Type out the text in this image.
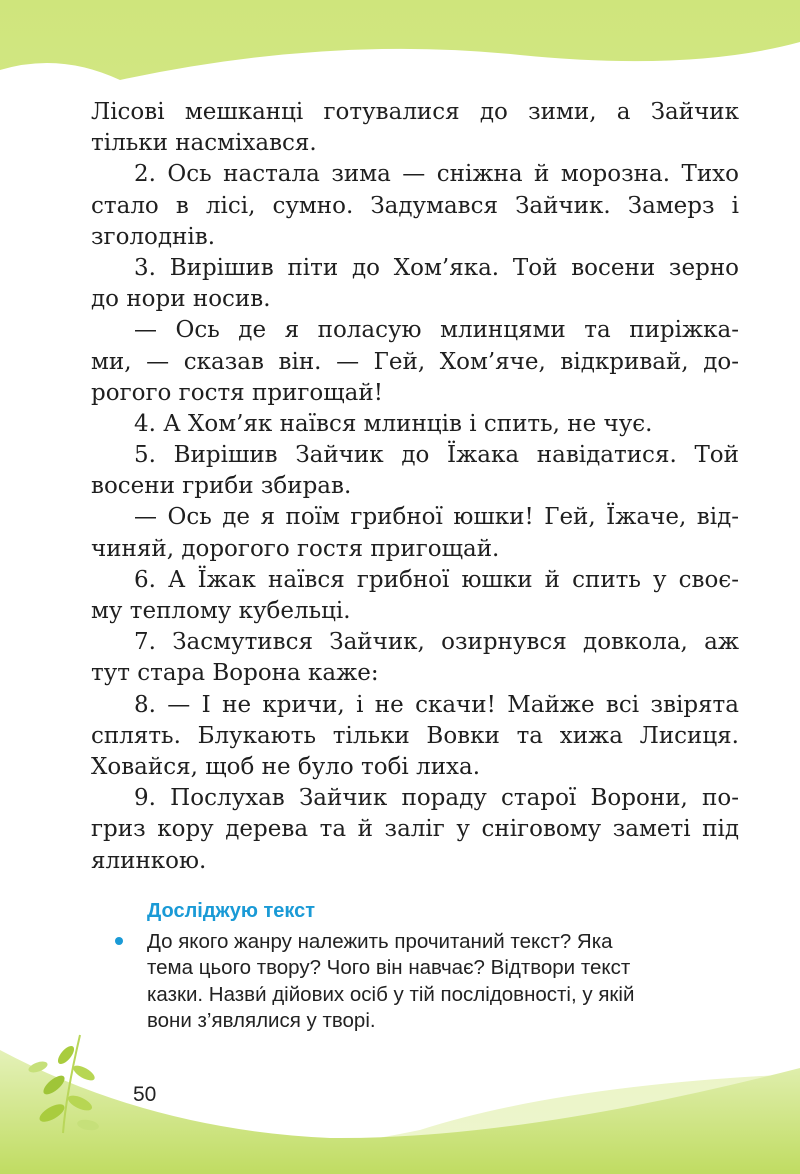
Лісові мешканці готувалися до зими, а Зайчик
тільки насміхався.
2. Ось настала зима — сніжна й морозна. Тихо
стало в лісі, сумно. Задумався Зайчик. Замерз і
зголоднів.
3. Вирішив піти до Хом’яка. Той восени зерно
до нори носив.
— Ось де я поласую млинцями та пиріжка-
ми, — сказав він. — Гей, Хом’яче, відкривай, до-
рогого гостя пригощай!
4. А Хом’як наївся млинців і спить, не чує.
5. Вирішив Зайчик до Їжака навідатися. Той
восени гриби збирав.
— Ось де я поїм грибної юшки! Гей, Їжаче, від-
чиняй, дорогого гостя пригощай.
6. А Їжак наївся грибної юшки й спить у своє-
му теплому кубельці.
7. Засмутився Зайчик, озирнувся довкола, аж
тут стара Ворона каже:
8. — І не кричи, і не скачи! Майже всі звірята
сплять. Блукають тільки Вовки та хижа Лисиця.
Ховайся, щоб не було тобі лиха.
9. Послухав Зайчик пораду старої Ворони, по-
гриз кору дерева та й заліг у сніговому заметі під
ялинкою.
Досліджую текст
До якого жанру належить прочитаний текст? Яка
тема цього твору? Чого він навчає? Відтвори текст
казки. Назви́ дійових осіб у тій послідовності, у якій
вони з’являлися у творі.
50
